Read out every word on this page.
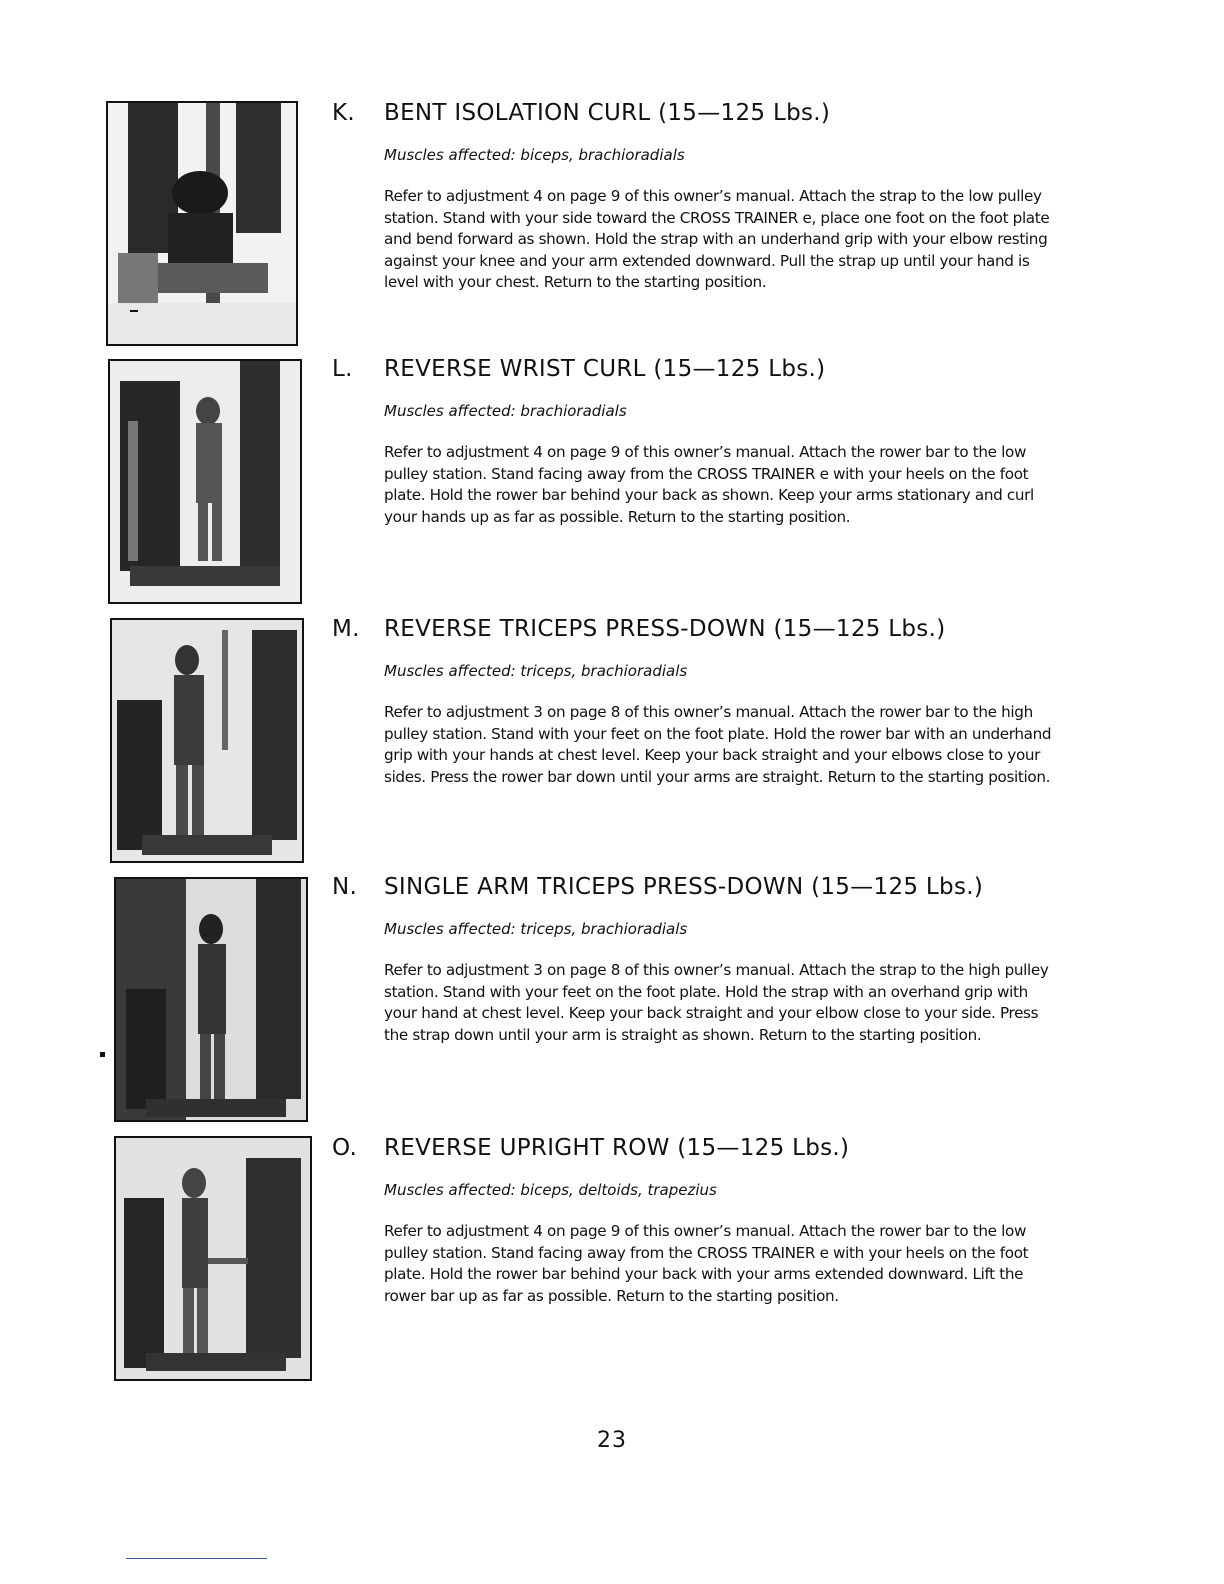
K. BENT ISOLATION CURL (15—125 Lbs.)
Muscles affected: biceps, brachioradials
Refer to adjustment 4 on page 9 of this owner’s manual. Attach the strap to the low pulley station. Stand with your side toward the CROSS TRAINER e, place one foot on the foot plate and bend forward as shown. Hold the strap with an underhand grip with your elbow resting against your knee and your arm extended downward. Pull the strap up until your hand is level with your chest. Return to the starting position.
L. REVERSE WRIST CURL (15—125 Lbs.)
Muscles affected: brachioradials
Refer to adjustment 4 on page 9 of this owner’s manual. Attach the rower bar to the low pulley station. Stand facing away from the CROSS TRAINER e with your heels on the foot plate. Hold the rower bar behind your back as shown. Keep your arms stationary and curl your hands up as far as possible. Return to the starting position.
M. REVERSE TRICEPS PRESS-DOWN (15—125 Lbs.)
Muscles affected: triceps, brachioradials
Refer to adjustment 3 on page 8 of this owner’s manual. Attach the rower bar to the high pulley station. Stand with your feet on the foot plate. Hold the rower bar with an underhand grip with your hands at chest level. Keep your back straight and your elbows close to your sides. Press the rower bar down until your arms are straight. Return to the starting position.
N. SINGLE ARM TRICEPS PRESS-DOWN (15—125 Lbs.)
Muscles affected: triceps, brachioradials
Refer to adjustment 3 on page 8 of this owner’s manual. Attach the strap to the high pulley station. Stand with your feet on the foot plate. Hold the strap with an overhand grip with your hand at chest level. Keep your back straight and your elbow close to your side. Press the strap down until your arm is straight as shown. Return to the starting position.
O. REVERSE UPRIGHT ROW (15—125 Lbs.)
Muscles affected: biceps, deltoids, trapezius
Refer to adjustment 4 on page 9 of this owner’s manual. Attach the rower bar to the low pulley station. Stand facing away from the CROSS TRAINER e with your heels on the foot plate. Hold the rower bar behind your back with your arms extended downward. Lift the rower bar up as far as possible. Return to the starting position.
23
